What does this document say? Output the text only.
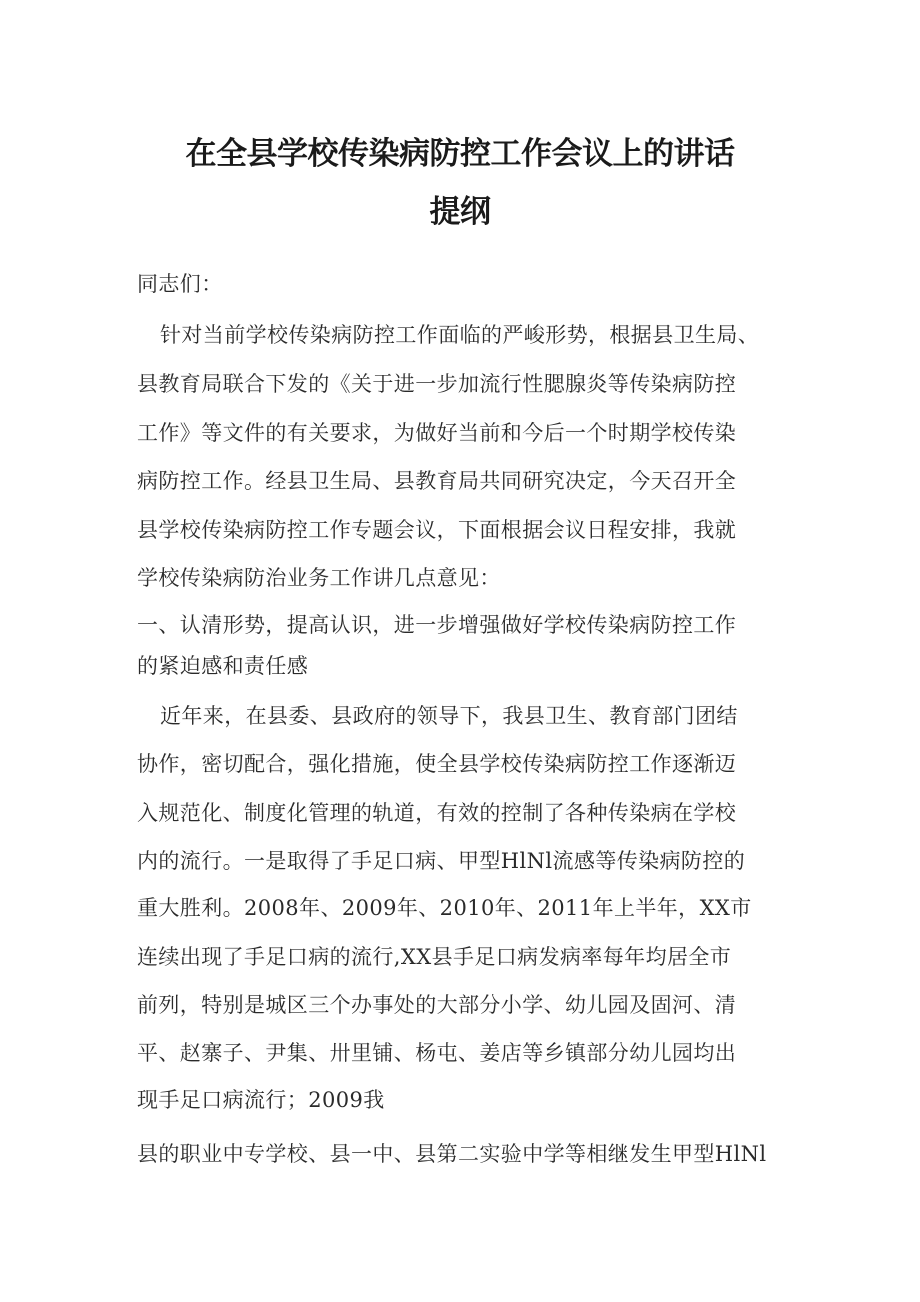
在全县学校传染病防控工作会议上的讲话
提纲
同志们：
针对当前学校传染病防控工作面临的严峻形势，根据县卫生局、
县教育局联合下发的《关于进一步加流行性腮腺炎等传染病防控
工作》等文件的有关要求，为做好当前和今后一个时期学校传染
病防控工作。经县卫生局、县教育局共同研究决定，今天召开全
县学校传染病防控工作专题会议，下面根据会议日程安排，我就
学校传染病防治业务工作讲几点意见：
一、认清形势，提高认识，进一步增强做好学校传染病防控工作
的紧迫感和责任感
近年来，在县委、县政府的领导下，我县卫生、教育部门团结
协作，密切配合，强化措施，使全县学校传染病防控工作逐渐迈
入规范化、制度化管理的轨道，有效的控制了各种传染病在学校
内的流行。一是取得了手足口病、甲型HlNl流感等传染病防控的
重大胜利。2008年、2009年、2010年、2011年上半年，XX市
连续出现了手足口病的流行,XX县手足口病发病率每年均居全市
前列，特别是城区三个办事处的大部分小学、幼儿园及固河、清
平、赵寨子、尹集、卅里铺、杨屯、姜店等乡镇部分幼儿园均出
现手足口病流行；2009我
县的职业中专学校、县一中、县第二实验中学等相继发生甲型HlNl
